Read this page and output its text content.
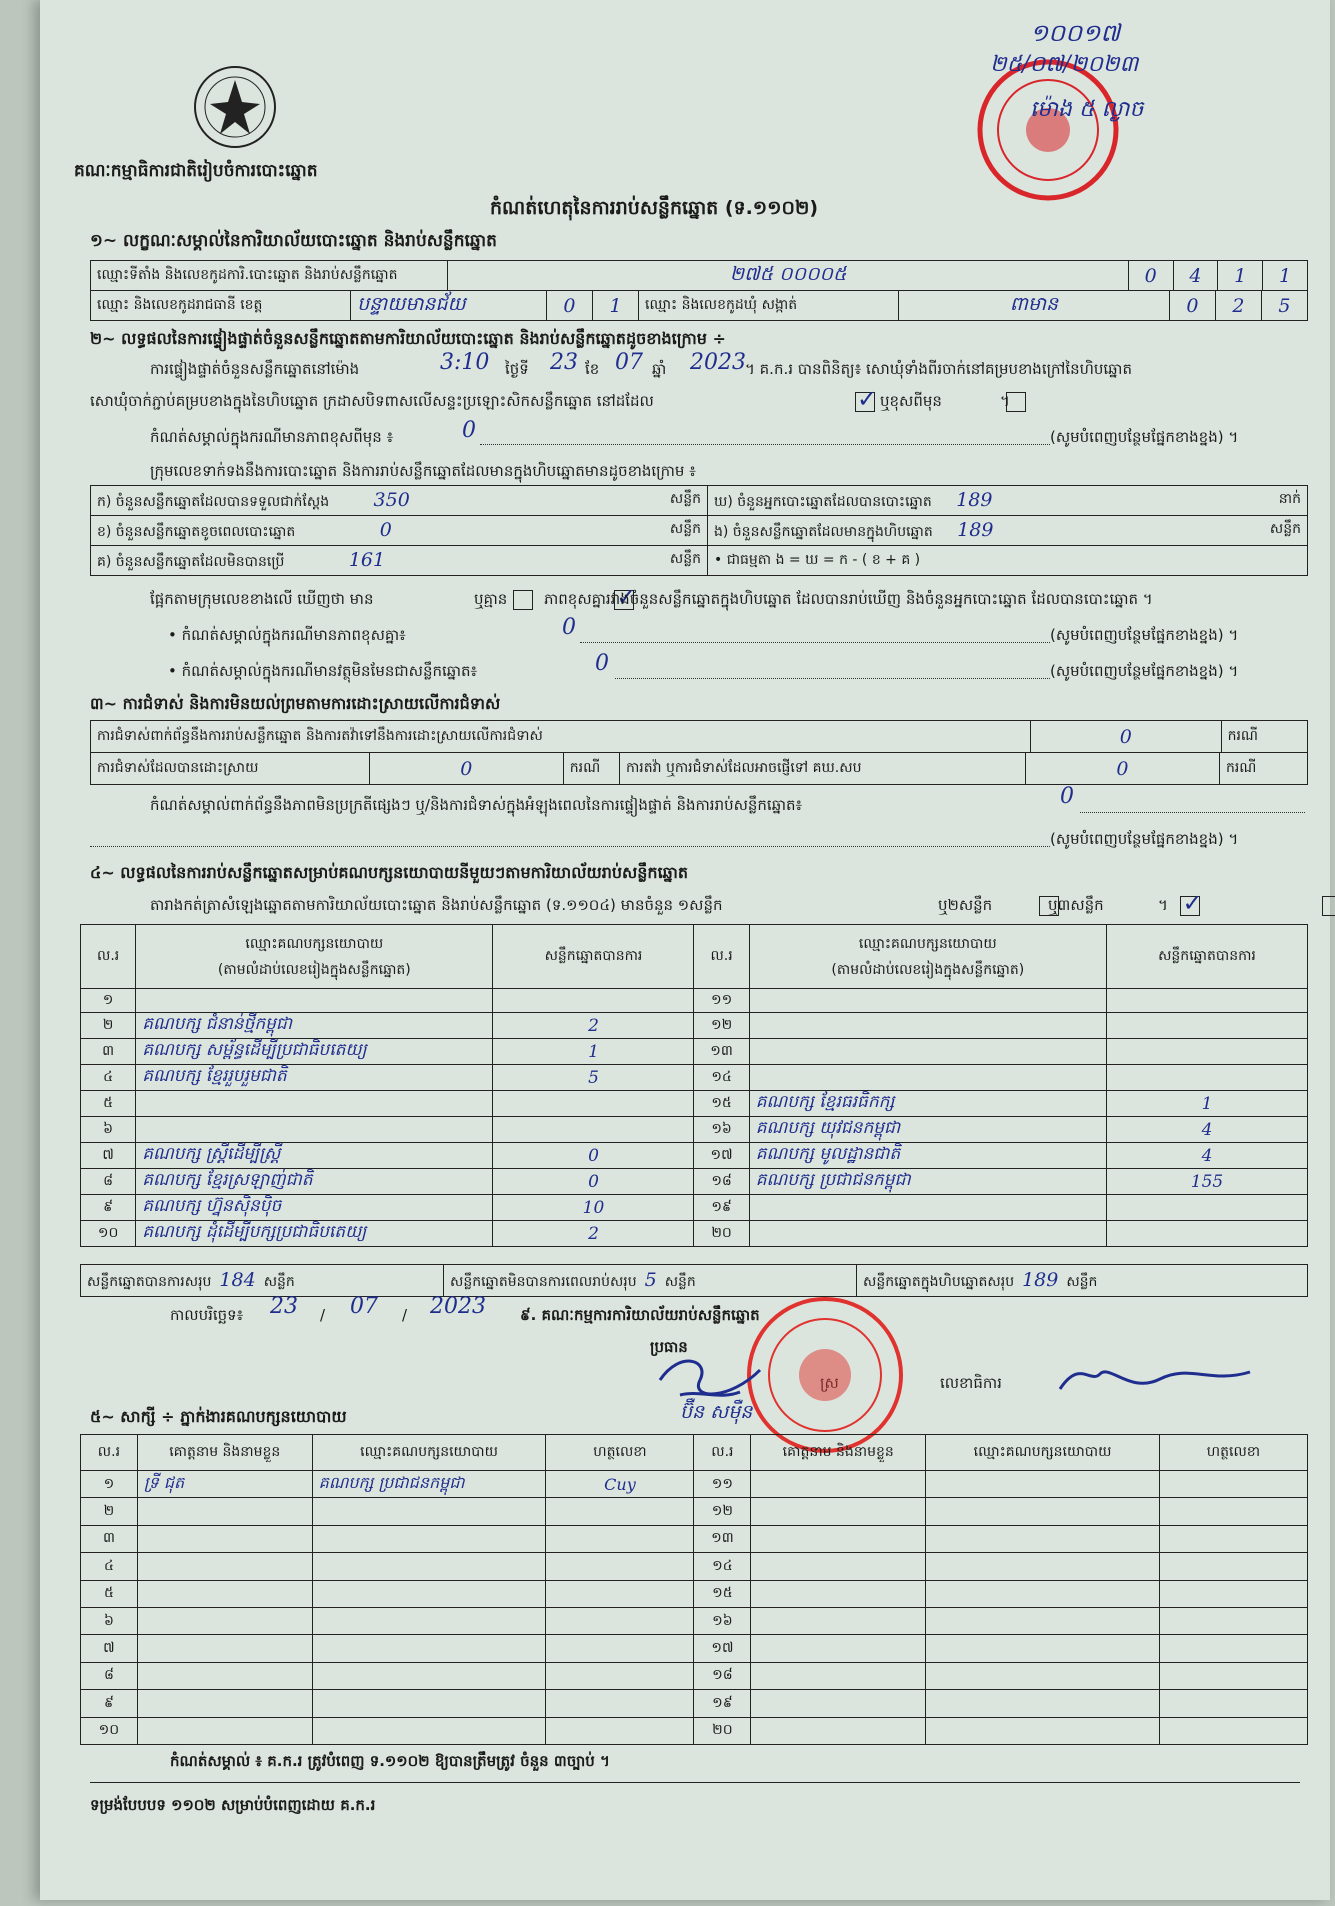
គណៈកម្មាធិការជាតិរៀបចំការបោះឆ្នោត
១០០១៧
២៥/០៧/២០២៣
ម៉ោង ៥ ល្ងាច
កំណត់ហេតុនៃការរាប់សន្លឹកឆ្នោត (ទ.១១០២)
១~ លក្ខណៈសម្គាល់នៃការិយាល័យបោះឆ្នោត និងរាប់សន្លឹកឆ្នោត
ឈ្មោះទីតាំង និងលេខកូដការិ.បោះឆ្នោត និងរាប់សន្លឹកឆ្នោត	២៧៥ ០០០០៥	0	4	1	1
ឈ្មោះ និងលេខកូដរាជធានី ខេត្ត	បន្ទាយមានជ័យ	0	1	ឈ្មោះ និងលេខកូដឃុំ សង្កាត់	ពាមាន	0	2	5
២~ លទ្ធផលនៃការផ្ទៀងផ្ទាត់ចំនួនសន្លឹកឆ្នោតតាមការិយាល័យបោះឆ្នោត និងរាប់សន្លឹកឆ្នោតដូចខាងក្រោម ÷
ការផ្ទៀងផ្ទាត់ចំនួនសន្លឹកឆ្នោតនៅម៉ោង	3:10 ថ្ងៃទី 23 ខែ 07 ឆ្នាំ 2023 ។ គ.ក.រ បានពិនិត្យ៖ សោឃុំទាំងពីរចាក់នៅគម្របខាងក្រៅនៃហិបឆ្នោត
សោឃុំចាក់ភ្ជាប់គម្របខាងក្នុងនៃហិបឆ្នោត ក្រដាសបិទពាសលើសន្ទះប្រឡោះសិកសន្លឹកឆ្នោត នៅដដែល ✓	ឬខុសពីមុន
	។
កំណត់សម្គាល់ក្នុងករណីមានភាពខុសពីមុន ៖	0	(សូមបំពេញបន្ថែមផ្នែកខាងខ្នង) ។
ក្រុមលេខទាក់ទងនឹងការបោះឆ្នោត និងការរាប់សន្លឹកឆ្នោតដែលមានក្នុងហិបឆ្នោតមានដូចខាងក្រោម ៖
ក) ចំនួនសន្លឹកឆ្នោតដែលបានទទួលជាក់ស្តែង 350 សន្លឹក	ឃ) ចំនួនអ្នកបោះឆ្នោតដែលបានបោះឆ្នោត 189 នាក់

ខ) ចំនួនសន្លឹកឆ្នោតខូចពេលបោះឆ្នោត 0 សន្លឹក	ង) ចំនួនសន្លឹកឆ្នោតដែលមានក្នុងហិបឆ្នោត 189 សន្លឹក

គ) ចំនួនសន្លឹកឆ្នោតដែលមិនបានប្រើ 161 សន្លឹក	• ជាធម្មតា ង = ឃ = ក - ( ខ + គ )
ផ្អែកតាមក្រុមលេខខាងលើ ឃើញថា មាន
	ឬគ្មាន ✓ ភាពខុសគ្នារវាងចំនួនសន្លឹកឆ្នោតក្នុងហិបឆ្នោត ដែលបានរាប់ឃើញ និងចំនួនអ្នកបោះឆ្នោត ដែលបានបោះឆ្នោត ។
• កំណត់សម្គាល់ក្នុងករណីមានភាពខុសគ្នា៖	0	(សូមបំពេញបន្ថែមផ្នែកខាងខ្នង) ។
• កំណត់សម្គាល់ក្នុងករណីមានវត្ថុមិនមែនជាសន្លឹកឆ្នោត៖	0	(សូមបំពេញបន្ថែមផ្នែកខាងខ្នង) ។
៣~ ការជំទាស់ និងការមិនយល់ព្រមតាមការដោះស្រាយលើការជំទាស់
ការជំទាស់ពាក់ព័ន្ធនឹងការរាប់សន្លឹកឆ្នោត និងការតវ៉ាទៅនឹងការដោះស្រាយលើការជំទាស់	0	ករណី
ការជំទាស់ដែលបានដោះស្រាយ	0	ករណី	ការតវ៉ា ឬការជំទាស់ដែលអាចផ្ញើទៅ គឃ.សប	0	ករណី
កំណត់សម្គាល់ពាក់ព័ន្ធនឹងភាពមិនប្រក្រតីផ្សេងៗ ឬ/និងការជំទាស់ក្នុងអំឡុងពេលនៃការផ្ទៀងផ្ទាត់ និងការរាប់សន្លឹកឆ្នោត៖	0
(សូមបំពេញបន្ថែមផ្នែកខាងខ្នង) ។
៤~ លទ្ធផលនៃការរាប់សន្លឹកឆ្នោតសម្រាប់គណបក្សនយោបាយនីមួយៗតាមការិយាល័យរាប់សន្លឹកឆ្នោត
តារាងកត់ត្រាសំឡេងឆ្នោតតាមការិយាល័យបោះឆ្នោត និងរាប់សន្លឹកឆ្នោត (ទ.១១០៤) មានចំនួន ១សន្លឹក
	ឬ២សន្លឹក ✓	ឬ៣សន្លឹក	។
ល.រ	ឈ្មោះគណបក្សនយោបាយ
(តាមលំដាប់លេខរៀងក្នុងសន្លឹកឆ្នោត)	សន្លឹកឆ្នោតបានការ	ល.រ	ឈ្មោះគណបក្សនយោបាយ
(តាមលំដាប់លេខរៀងក្នុងសន្លឹកឆ្នោត)	សន្លឹកឆ្នោតបានការ
១			១១		
២	គណបក្ស ជំនាន់ថ្មីកម្ពុជា	2	១២		
៣	គណបក្ស សម្ព័ន្ធដើម្បីប្រជាធិបតេយ្យ	1	១៣		
៤	គណបក្ស ខ្មែររួបរួមជាតិ	5	១៤		
៥			១៥	គណបក្ស ខ្មែរធរធិកក្ស	1
៦			១៦	គណបក្ស យុវជនកម្ពុជា	4
៧	គណបក្ស ស្ត្រីដើម្បីស្ត្រី	0	១៧	គណបក្ស មូលដ្ឋានជាតិ	4
៨	គណបក្ស ខ្មែរស្រឡាញ់ជាតិ	0	១៨	គណបក្ស ប្រជាជនកម្ពុជា	155
៩	គណបក្ស ហ្វ៊ុនស៊ិនប៉ិច	10	១៩		
១០	គណបក្ស ដុំដើម្បីបក្សប្រជាធិបតេយ្យ	2	២០		
សន្លឹកឆ្នោតបានការសរុប 184 សន្លឹក	សន្លឹកឆ្នោតមិនបានការពេលរាប់សរុប 5 សន្លឹក	សន្លឹកឆ្នោតក្នុងហិបឆ្នោតសរុប 189 សន្លឹក
កាលបរិច្ឆេទ៖ 23 / 07 / 2023 ៩. គណៈកម្មការការិយាល័យរាប់សន្លឹកឆ្នោត
ប្រធាន
លេខាធិការ
ប៊ឺន សម៉ឺន
៥~ សាក្សី ÷ ភ្នាក់ងារគណបក្សនយោបាយ
ល.រ	គោត្តនាម និងនាមខ្លួន	ឈ្មោះគណបក្សនយោបាយ	ហត្ថលេខា	ល.រ	គោត្តនាម និងនាមខ្លួន	ឈ្មោះគណបក្សនយោបាយ	ហត្ថលេខា
១	ទ្រី ជុត	គណបក្ស ប្រជាជនកម្ពុជា	Cuy	១១			
២				១២			
៣				១៣			
៤				១៤			
៥				១៥			
៦				១៦			
៧				១៧			
៨				១៨			
៩				១៩			
១០				២០			
កំណត់សម្គាល់ ៖ គ.ក.រ ត្រូវបំពេញ ទ.១១០២ ឱ្យបានត្រឹមត្រូវ ចំនួន ៣ច្បាប់ ។
ទម្រង់បែបបទ ១១០២ សម្រាប់បំពេញដោយ គ.ក.រ
